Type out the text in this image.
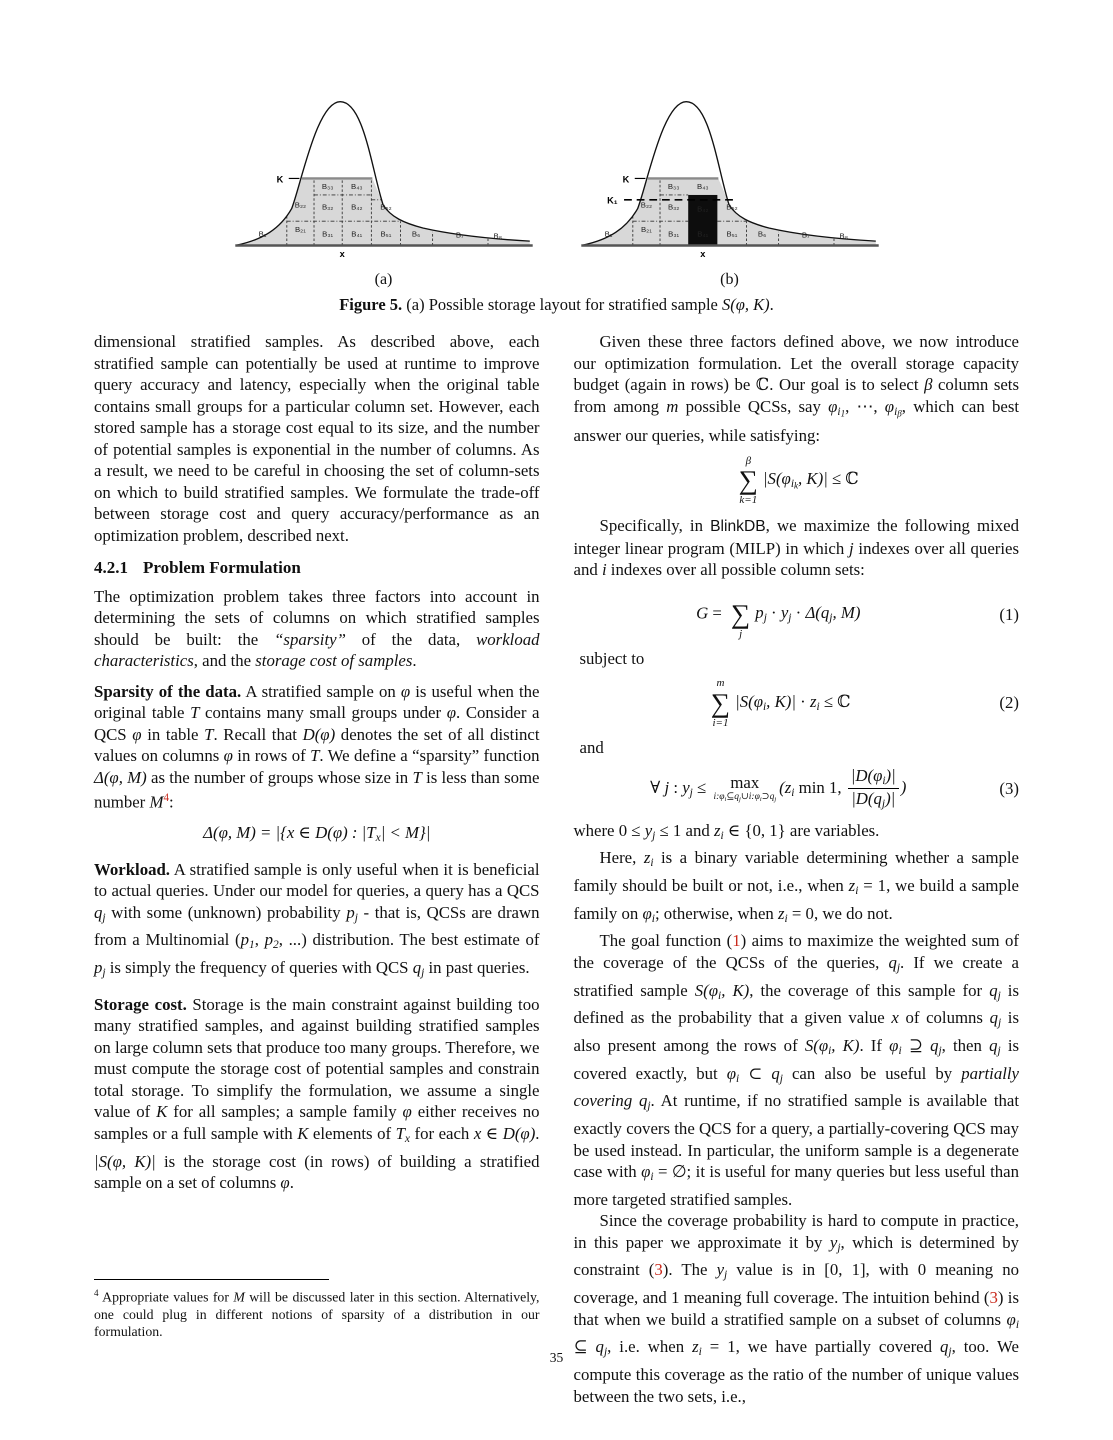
K
x
B₁
B₂₁
B₂₂
B₃₁
B₃₂
B₃₃
B₄₁
B₄₂
B₄₃
B₅₁
B₅₂
B₆	B₇	B₈
(a)
K
K₁
x
B₁
B₂₁
B₂₂
B₃₁
B₃₂
B₃₃
B₄₁
B₄₂
B₄₃
B₅₁
B₅₂
B₆	B₇	B₈
(b)
Figure 5. (a) Possible storage layout for stratified sample S(φ, K).

dimensional stratified samples. As described above, each stratified sample can potentially be used at runtime to improve query accuracy and latency, especially when the original table contains small groups for a particular column set. However, each stored sample has a storage cost equal to its size, and the number of potential samples is exponential in the number of columns. As a result, we need to be careful in choosing the set of column-sets on which to build stratified samples. We formulate the trade-off between storage cost and query accuracy/performance as an optimization problem, described next.

4.2.1 Problem Formulation

The optimization problem takes three factors into account in determining the sets of columns on which stratified samples should be built: the “sparsity” of the data, workload characteristics, and the storage cost of samples.

Sparsity of the data. A stratified sample on φ is useful when the original table T contains many small groups under φ. Consider a QCS φ in table T. Recall that D(φ) denotes the set of all distinct values on columns φ in rows of T. We define a “sparsity” function Δ(φ, M) as the number of groups whose size in T is less than some number $M^4$:

Δ(φ, M) = |{x ∈ D(φ) : |Tx| < M}|

Workload. A stratified sample is only useful when it is beneficial to actual queries. Under our model for queries, a query has a QCS qj with some (unknown) probability pj - that is, QCSs are drawn from a Multinomial (p1, p2, ...) distribution. The best estimate of pj is simply the frequency of queries with QCS qj in past queries.

Storage cost. Storage is the main constraint against building too many stratified samples, and against building stratified samples on large column sets that produce too many groups. Therefore, we must compute the storage cost of potential samples and constrain total storage. To simplify the formulation, we assume a single value of K for all samples; a sample family φ either receives no samples or a full sample with K elements of Tx for each x ∈ D(φ). |S(φ, K)| is the storage cost (in rows) of building a stratified sample on a set of columns φ.

$^4$ Appropriate values for M will be discussed later in this section. Alternatively, one could plug in different notions of sparsity of a distribution in our formulation.

Given these three factors defined above, we now introduce our optimization formulation. Let the overall storage capacity budget (again in rows) be ℂ. Our goal is to select β column sets from among m possible QCSs, say $\varphi i_1$, ⋯, $\varphi i_\beta$, which can best answer our queries, while satisfying:

β
∑
k=1
$|S(\varphi i_k$, K)| ≤ ℂ

Specifically, in BlinkDB, we maximize the following mixed integer linear program (MILP) in which j indexes over all queries and i indexes over all possible column sets:

G =
∑
j
pj · yj · Δ(qj, M)	(1)
subject to
m
∑
i=1
|S(φi, K)| · zi ≤ ℂ	(2)
and
∀ j : yj ≤ max
i:φi⊆qj∪i:φi⊃qj
(zi min 1, $\frac{|D(\varphi i)|}{|D(qj)|}$ )	(3)

where 0 ≤ yj ≤ 1 and zi ∈ {0, 1} are variables.

Here, zi is a binary variable determining whether a sample family should be built or not, i.e., when zi = 1, we build a sample family on φi; otherwise, when zi = 0, we do not.

The goal function (1) aims to maximize the weighted sum of the coverage of the QCSs of the queries, qj. If we create a stratified sample S(φi, K), the coverage of this sample for qj is defined as the probability that a given value x of columns qj is also present among the rows of S(φi, K). If φi ⊇ qj, then qj is covered exactly, but φi ⊂ qj can also be useful by partially covering qj. At runtime, if no stratified sample is available that exactly covers the QCS for a query, a partially-covering QCS may be used instead. In particular, the uniform sample is a degenerate case with φi = ∅; it is useful for many queries but less useful than more targeted stratified samples.

Since the coverage probability is hard to compute in practice, in this paper we approximate it by yj, which is determined by constraint (3). The yj value is in [0, 1], with 0 meaning no coverage, and 1 meaning full coverage. The intuition behind (3) is that when we build a stratified sample on a subset of columns φi ⊆ qj, i.e. when zi = 1, we have partially covered qj, too. We compute this coverage as the ratio of the number of unique values between the two sets, i.e.,

35
